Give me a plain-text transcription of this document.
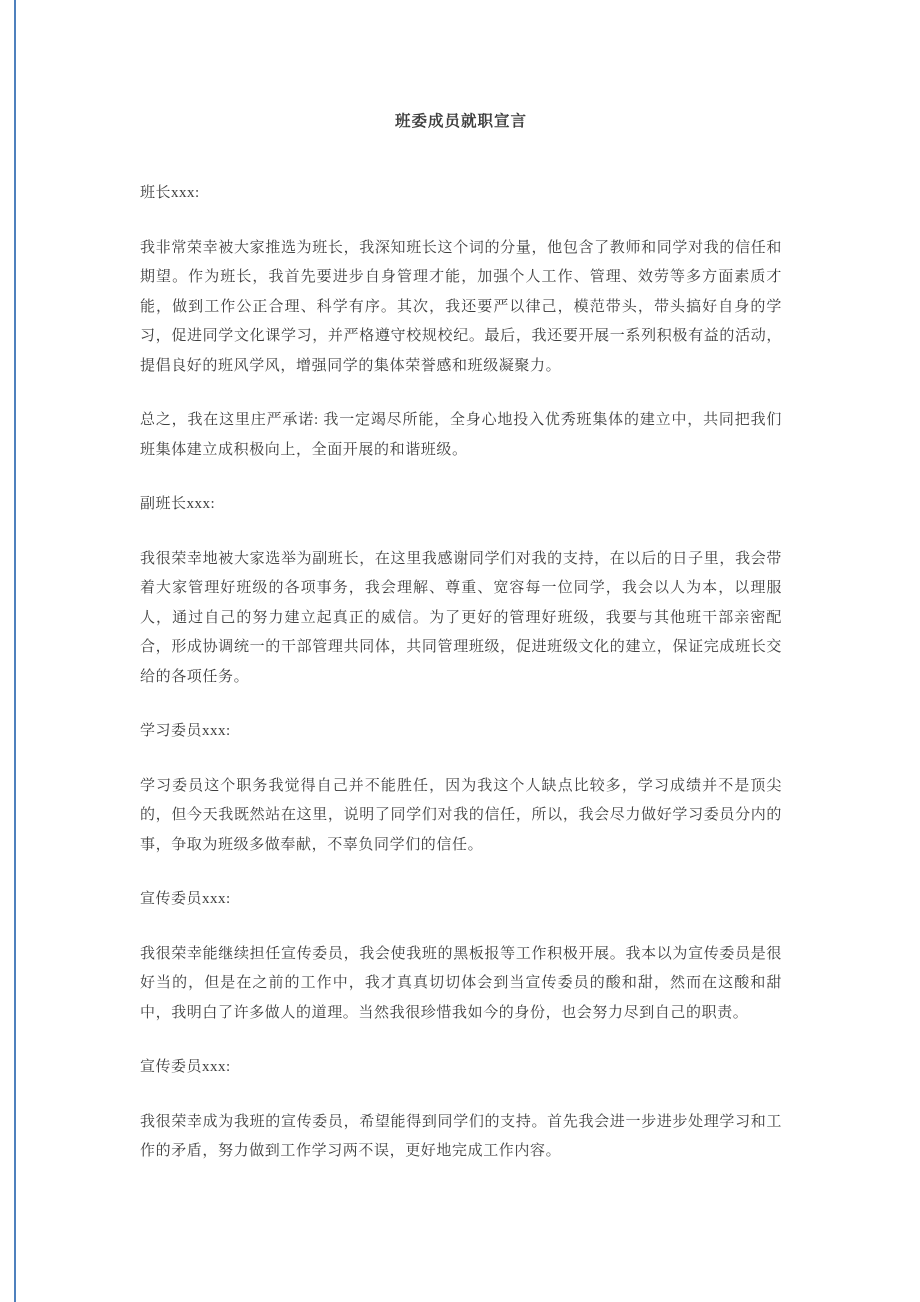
班委成员就职宣言

班长xxx:

我非常荣幸被大家推选为班长，我深知班长这个词的分量，他包含了教师和同学对我的信任和期望。作为班长，我首先要进步自身管理才能，加强个人工作、管理、效劳等多方面素质才能，做到工作公正合理、科学有序。其次，我还要严以律己，模范带头，带头搞好自身的学习，促进同学文化课学习，并严格遵守校规校纪。最后，我还要开展一系列积极有益的活动，提倡良好的班风学风，增强同学的集体荣誉感和班级凝聚力。

总之，我在这里庄严承诺: 我一定竭尽所能，全身心地投入优秀班集体的建立中，共同把我们班集体建立成积极向上，全面开展的和谐班级。

副班长xxx:

我很荣幸地被大家选举为副班长，在这里我感谢同学们对我的支持，在以后的日子里，我会带着大家管理好班级的各项事务，我会理解、尊重、宽容每一位同学，我会以人为本，以理服人，通过自己的努力建立起真正的威信。为了更好的管理好班级，我要与其他班干部亲密配合，形成协调统一的干部管理共同体，共同管理班级，促进班级文化的建立，保证完成班长交给的各项任务。

学习委员xxx:

学习委员这个职务我觉得自己并不能胜任，因为我这个人缺点比较多，学习成绩并不是顶尖的，但今天我既然站在这里，说明了同学们对我的信任，所以，我会尽力做好学习委员分内的事，争取为班级多做奉献，不辜负同学们的信任。

宣传委员xxx:

我很荣幸能继续担任宣传委员，我会使我班的黑板报等工作积极开展。我本以为宣传委员是很好当的，但是在之前的工作中，我才真真切切体会到当宣传委员的酸和甜，然而在这酸和甜中，我明白了许多做人的道理。当然我很珍惜我如今的身份，也会努力尽到自己的职责。

宣传委员xxx:

我很荣幸成为我班的宣传委员，希望能得到同学们的支持。首先我会进一步进步处理学习和工作的矛盾，努力做到工作学习两不误，更好地完成工作内容。
